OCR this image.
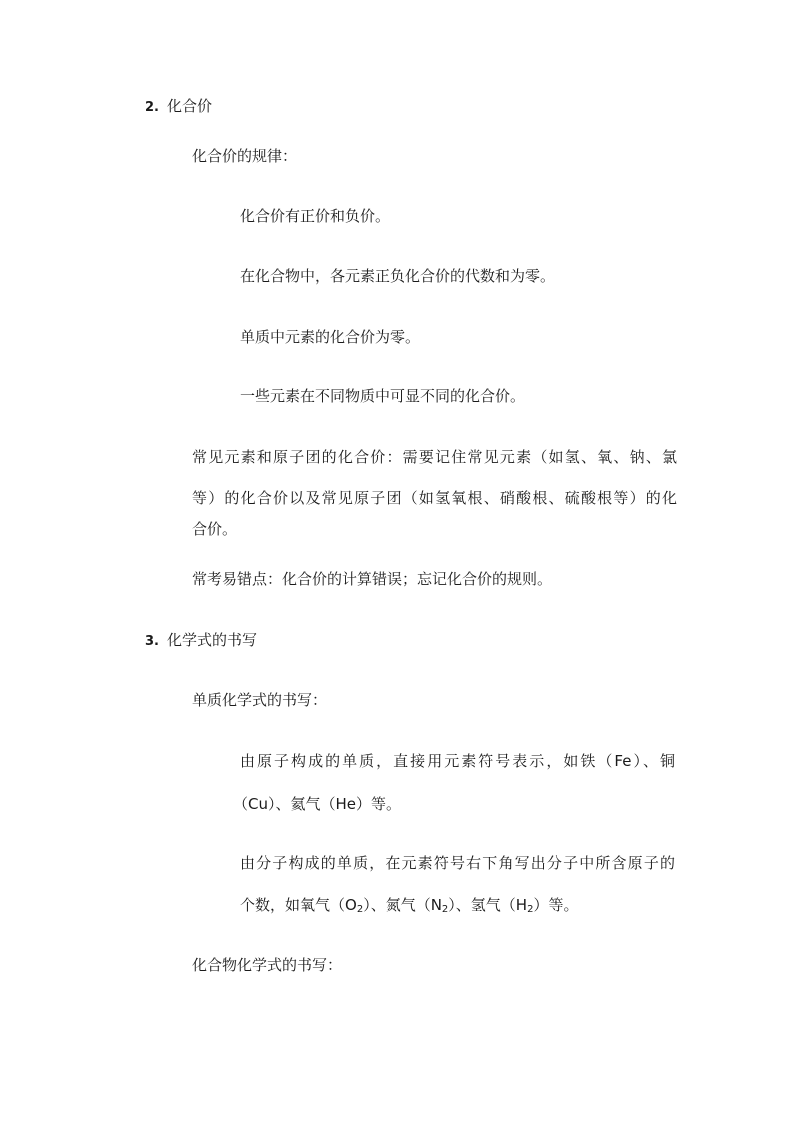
2. 化合价
化合价的规律：
化合价有正价和负价。
在化合物中，各元素正负化合价的代数和为零。
单质中元素的化合价为零。
一些元素在不同物质中可显不同的化合价。
常见元素和原子团的化合价：需要记住常见元素（如氢、氧、钠、氯
等）的化合价以及常见原子团（如氢氧根、硝酸根、硫酸根等）的化
合价。
常考易错点：化合价的计算错误；忘记化合价的规则。
3. 化学式的书写
单质化学式的书写：
由原子构成的单质，直接用元素符号表示，如铁（Fe）、铜
（Cu）、氦气（He）等。
由分子构成的单质，在元素符号右下角写出分子中所含原子的
个数，如氧气$(O_2)$、氮气$(N_2)$、氢气$(H_2)$等。
化合物化学式的书写：
